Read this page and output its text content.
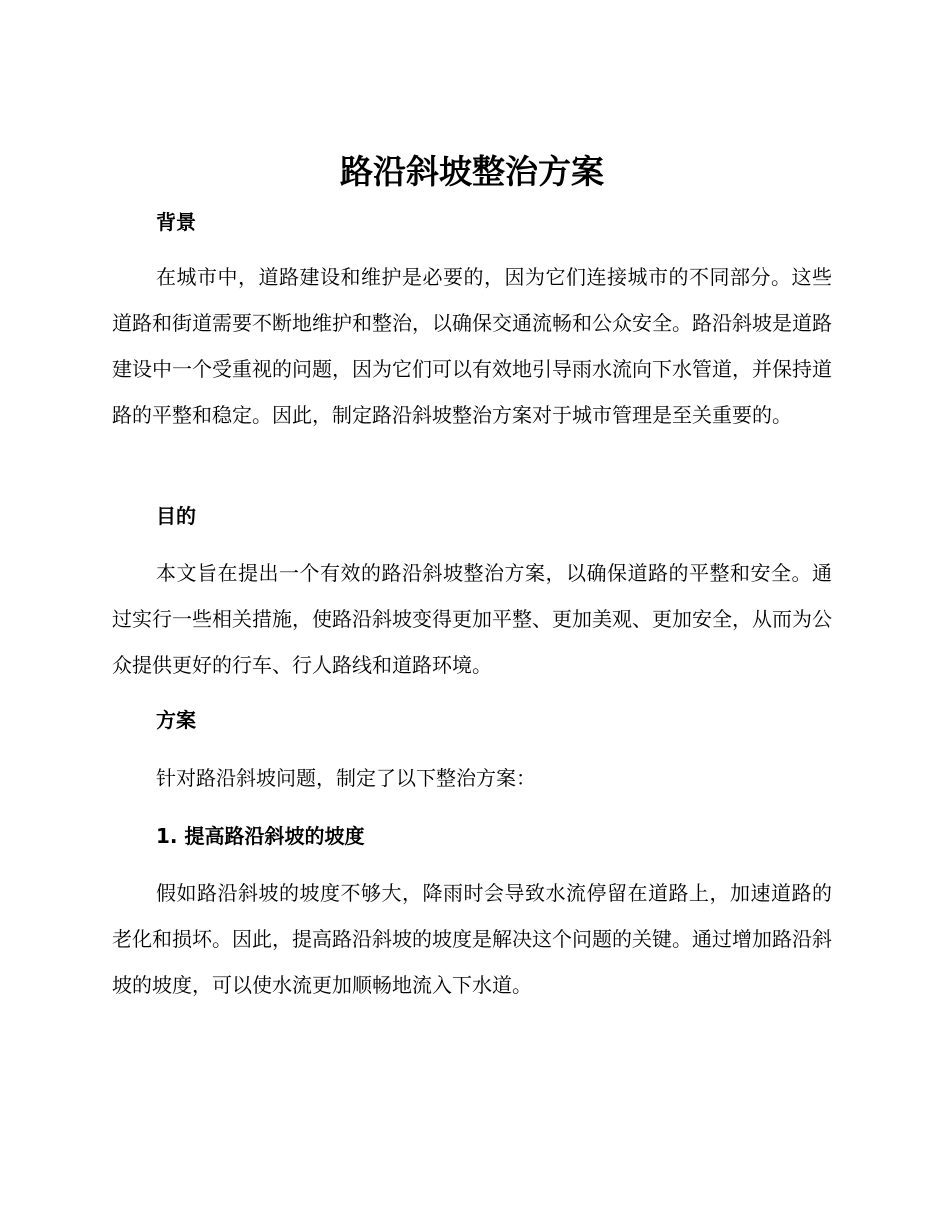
路沿斜坡整治方案
背景

在城市中，道路建设和维护是必要的，因为它们连接城市的不同部分。这些道路和街道需要不断地维护和整治，以确保交通流畅和公众安全。路沿斜坡是道路建设中一个受重视的问题，因为它们可以有效地引导雨水流向下水管道，并保持道路的平整和稳定。因此，制定路沿斜坡整治方案对于城市管理是至关重要的。

目的

本文旨在提出一个有效的路沿斜坡整治方案，以确保道路的平整和安全。通过实行一些相关措施，使路沿斜坡变得更加平整、更加美观、更加安全，从而为公众提供更好的行车、行人路线和道路环境。

方案

针对路沿斜坡问题，制定了以下整治方案：

1. 提高路沿斜坡的坡度

假如路沿斜坡的坡度不够大，降雨时会导致水流停留在道路上，加速道路的老化和损坏。因此，提高路沿斜坡的坡度是解决这个问题的关键。通过增加路沿斜坡的坡度，可以使水流更加顺畅地流入下水道。
